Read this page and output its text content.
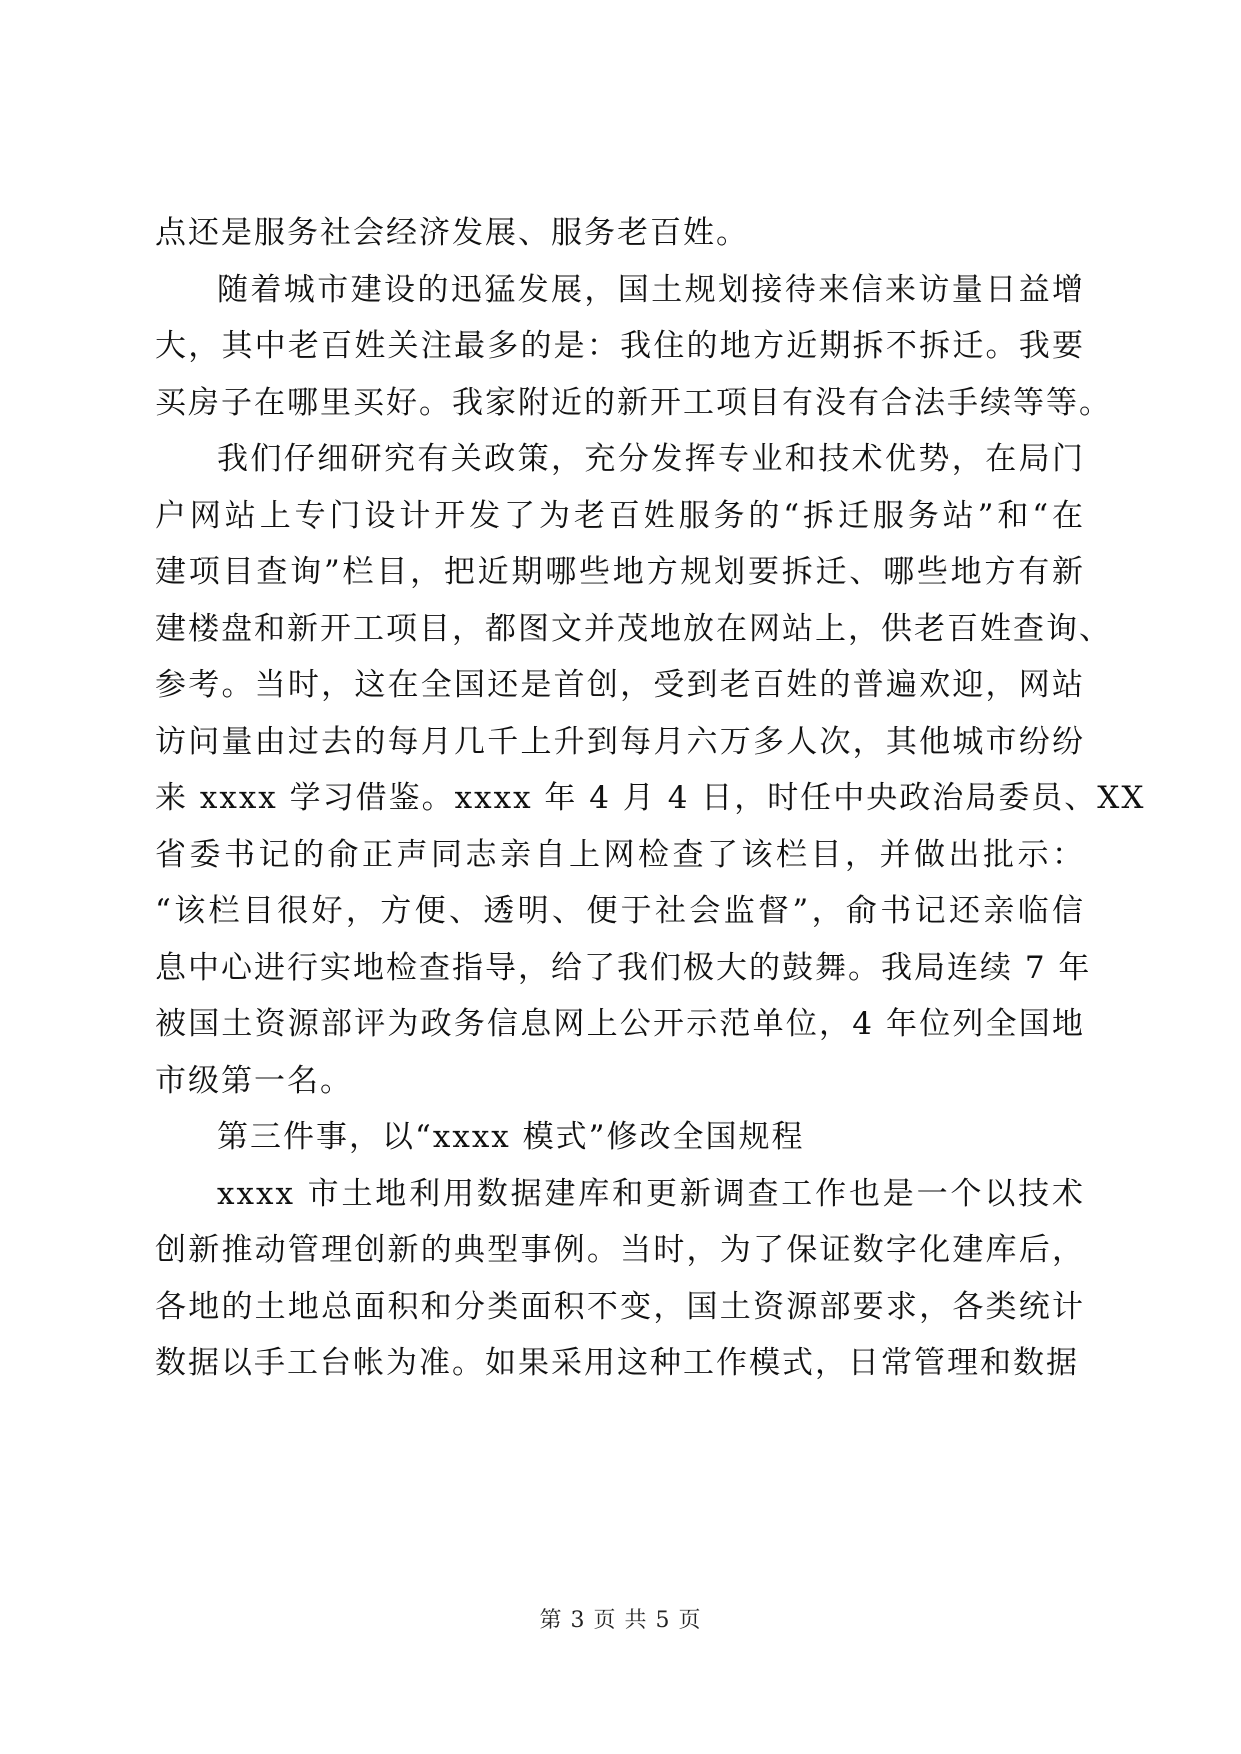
点还是服务社会经济发展、服务老百姓。
随着城市建设的迅猛发展，国土规划接待来信来访量日益增
大，其中老百姓关注最多的是：我住的地方近期拆不拆迁。我要
买房子在哪里买好。我家附近的新开工项目有没有合法手续等等。
我们仔细研究有关政策，充分发挥专业和技术优势，在局门
户网站上专门设计开发了为老百姓服务的“拆迁服务站”和“在
建项目查询”栏目，把近期哪些地方规划要拆迁、哪些地方有新
建楼盘和新开工项目，都图文并茂地放在网站上，供老百姓查询、
参考。当时，这在全国还是首创，受到老百姓的普遍欢迎，网站
访问量由过去的每月几千上升到每月六万多人次，其他城市纷纷
来 xxxx 学习借鉴。xxxx 年 4 月 4 日，时任中央政治局委员、XX
省委书记的俞正声同志亲自上网检查了该栏目，并做出批示：
“该栏目很好，方便、透明、便于社会监督”，俞书记还亲临信
息中心进行实地检查指导，给了我们极大的鼓舞。我局连续 7 年
被国土资源部评为政务信息网上公开示范单位，4 年位列全国地
市级第一名。
第三件事，以“xxxx 模式”修改全国规程
xxxx 市土地利用数据建库和更新调查工作也是一个以技术
创新推动管理创新的典型事例。当时，为了保证数字化建库后，
各地的土地总面积和分类面积不变，国土资源部要求，各类统计
数据以手工台帐为准。如果采用这种工作模式，日常管理和数据
第 3 页 共 5 页
